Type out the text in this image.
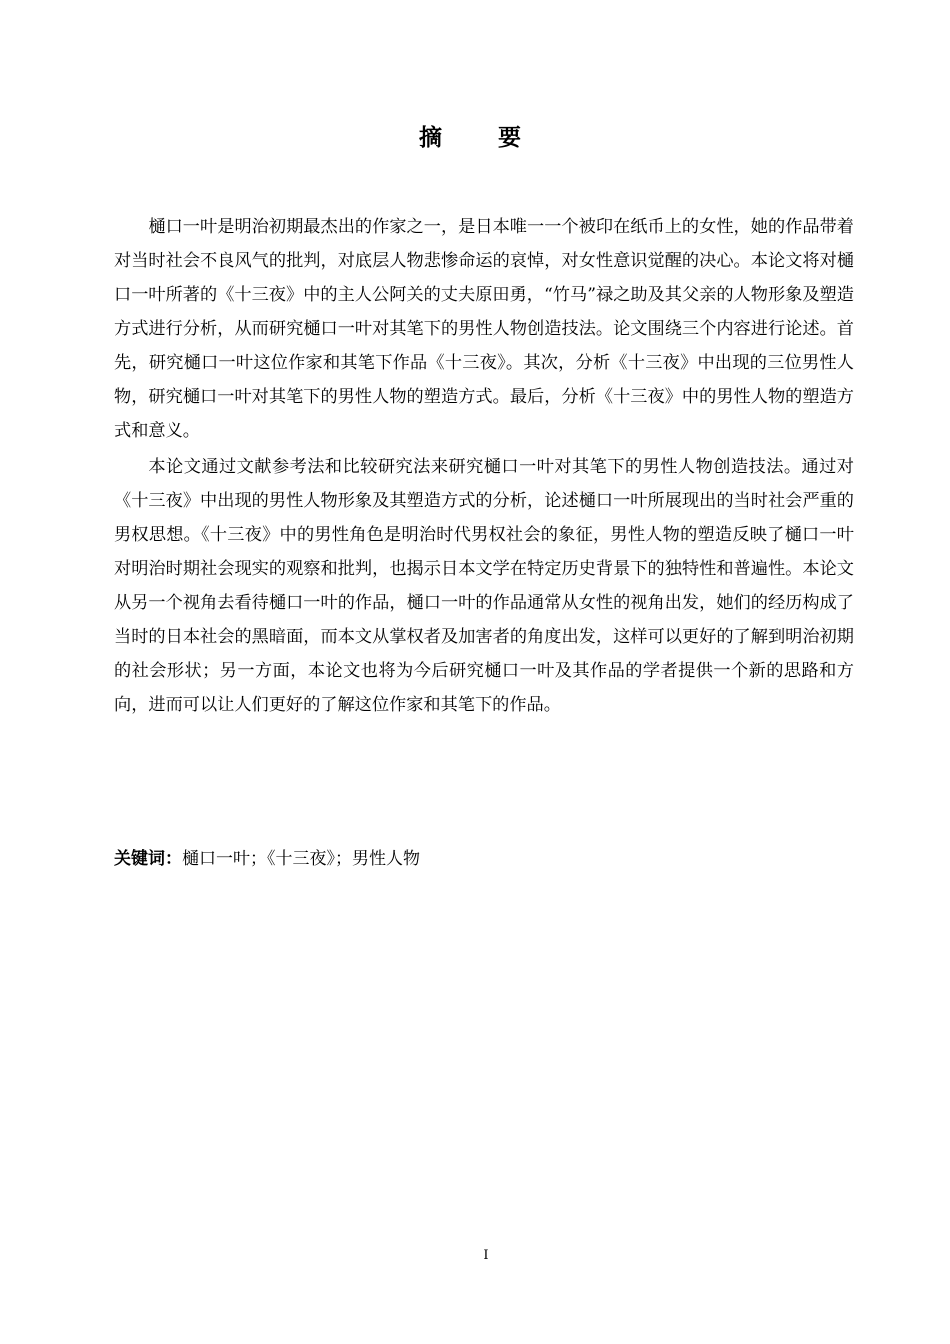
摘 要

樋口一叶是明治初期最杰出的作家之一，是日本唯一一个被印在纸币上的女性，她的作品带着对当时社会不良风气的批判，对底层人物悲惨命运的哀悼，对女性意识觉醒的决心。本论文将对樋口一叶所著的《十三夜》中的主人公阿关的丈夫原田勇，“竹马”禄之助及其父亲的人物形象及塑造方式进行分析，从而研究樋口一叶对其笔下的男性人物创造技法。论文围绕三个内容进行论述。首先，研究樋口一叶这位作家和其笔下作品《十三夜》。其次，分析《十三夜》中出现的三位男性人物，研究樋口一叶对其笔下的男性人物的塑造方式。最后，分析《十三夜》中的男性人物的塑造方式和意义。

本论文通过文献参考法和比较研究法来研究樋口一叶对其笔下的男性人物创造技法。通过对《十三夜》中出现的男性人物形象及其塑造方式的分析，论述樋口一叶所展现出的当时社会严重的男权思想。《十三夜》中的男性角色是明治时代男权社会的象征，男性人物的塑造反映了樋口一叶对明治时期社会现实的观察和批判，也揭示日本文学在特定历史背景下的独特性和普遍性。本论文从另一个视角去看待樋口一叶的作品，樋口一叶的作品通常从女性的视角出发，她们的经历构成了当时的日本社会的黑暗面，而本文从掌权者及加害者的角度出发，这样可以更好的了解到明治初期的社会形状；另一方面，本论文也将为今后研究樋口一叶及其作品的学者提供一个新的思路和方向，进而可以让人们更好的了解这位作家和其笔下的作品。

关键词：樋口一叶；《十三夜》；男性人物
I
